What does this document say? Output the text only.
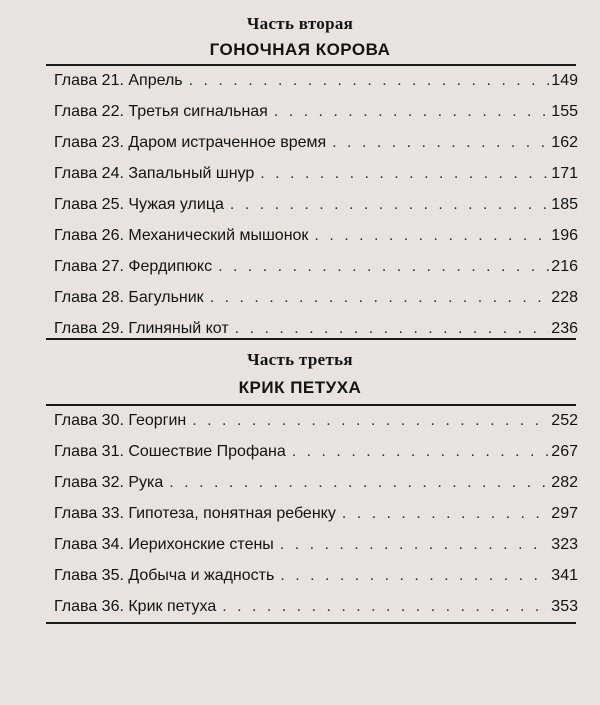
Часть вторая
ГОНОЧНАЯ КОРОВА
Глава 21. Апрель . . .	149
Глава 22. Третья сигнальная . . .	155
Глава 23. Даром истраченное время . . .	162
Глава 24. Запальный шнур . . .	171
Глава 25. Чужая улица . . .	185
Глава 26. Механический мышонок . . .	196
Глава 27. Фердипюкс . . .	216
Глава 28. Багульник . . .	228
Глава 29. Глиняный кот . . .	236
Часть третья
КРИК ПЕТУХА
Глава 30. Георгин . . .	252
Глава 31. Сошествие Профана . . .	267
Глава 32. Рука . . .	282
Глава 33. Гипотеза, понятная ребенку . . .	297
Глава 34. Иерихонские стены . . .	323
Глава 35. Добыча и жадность . . .	341
Глава 36. Крик петуха . . .	353
